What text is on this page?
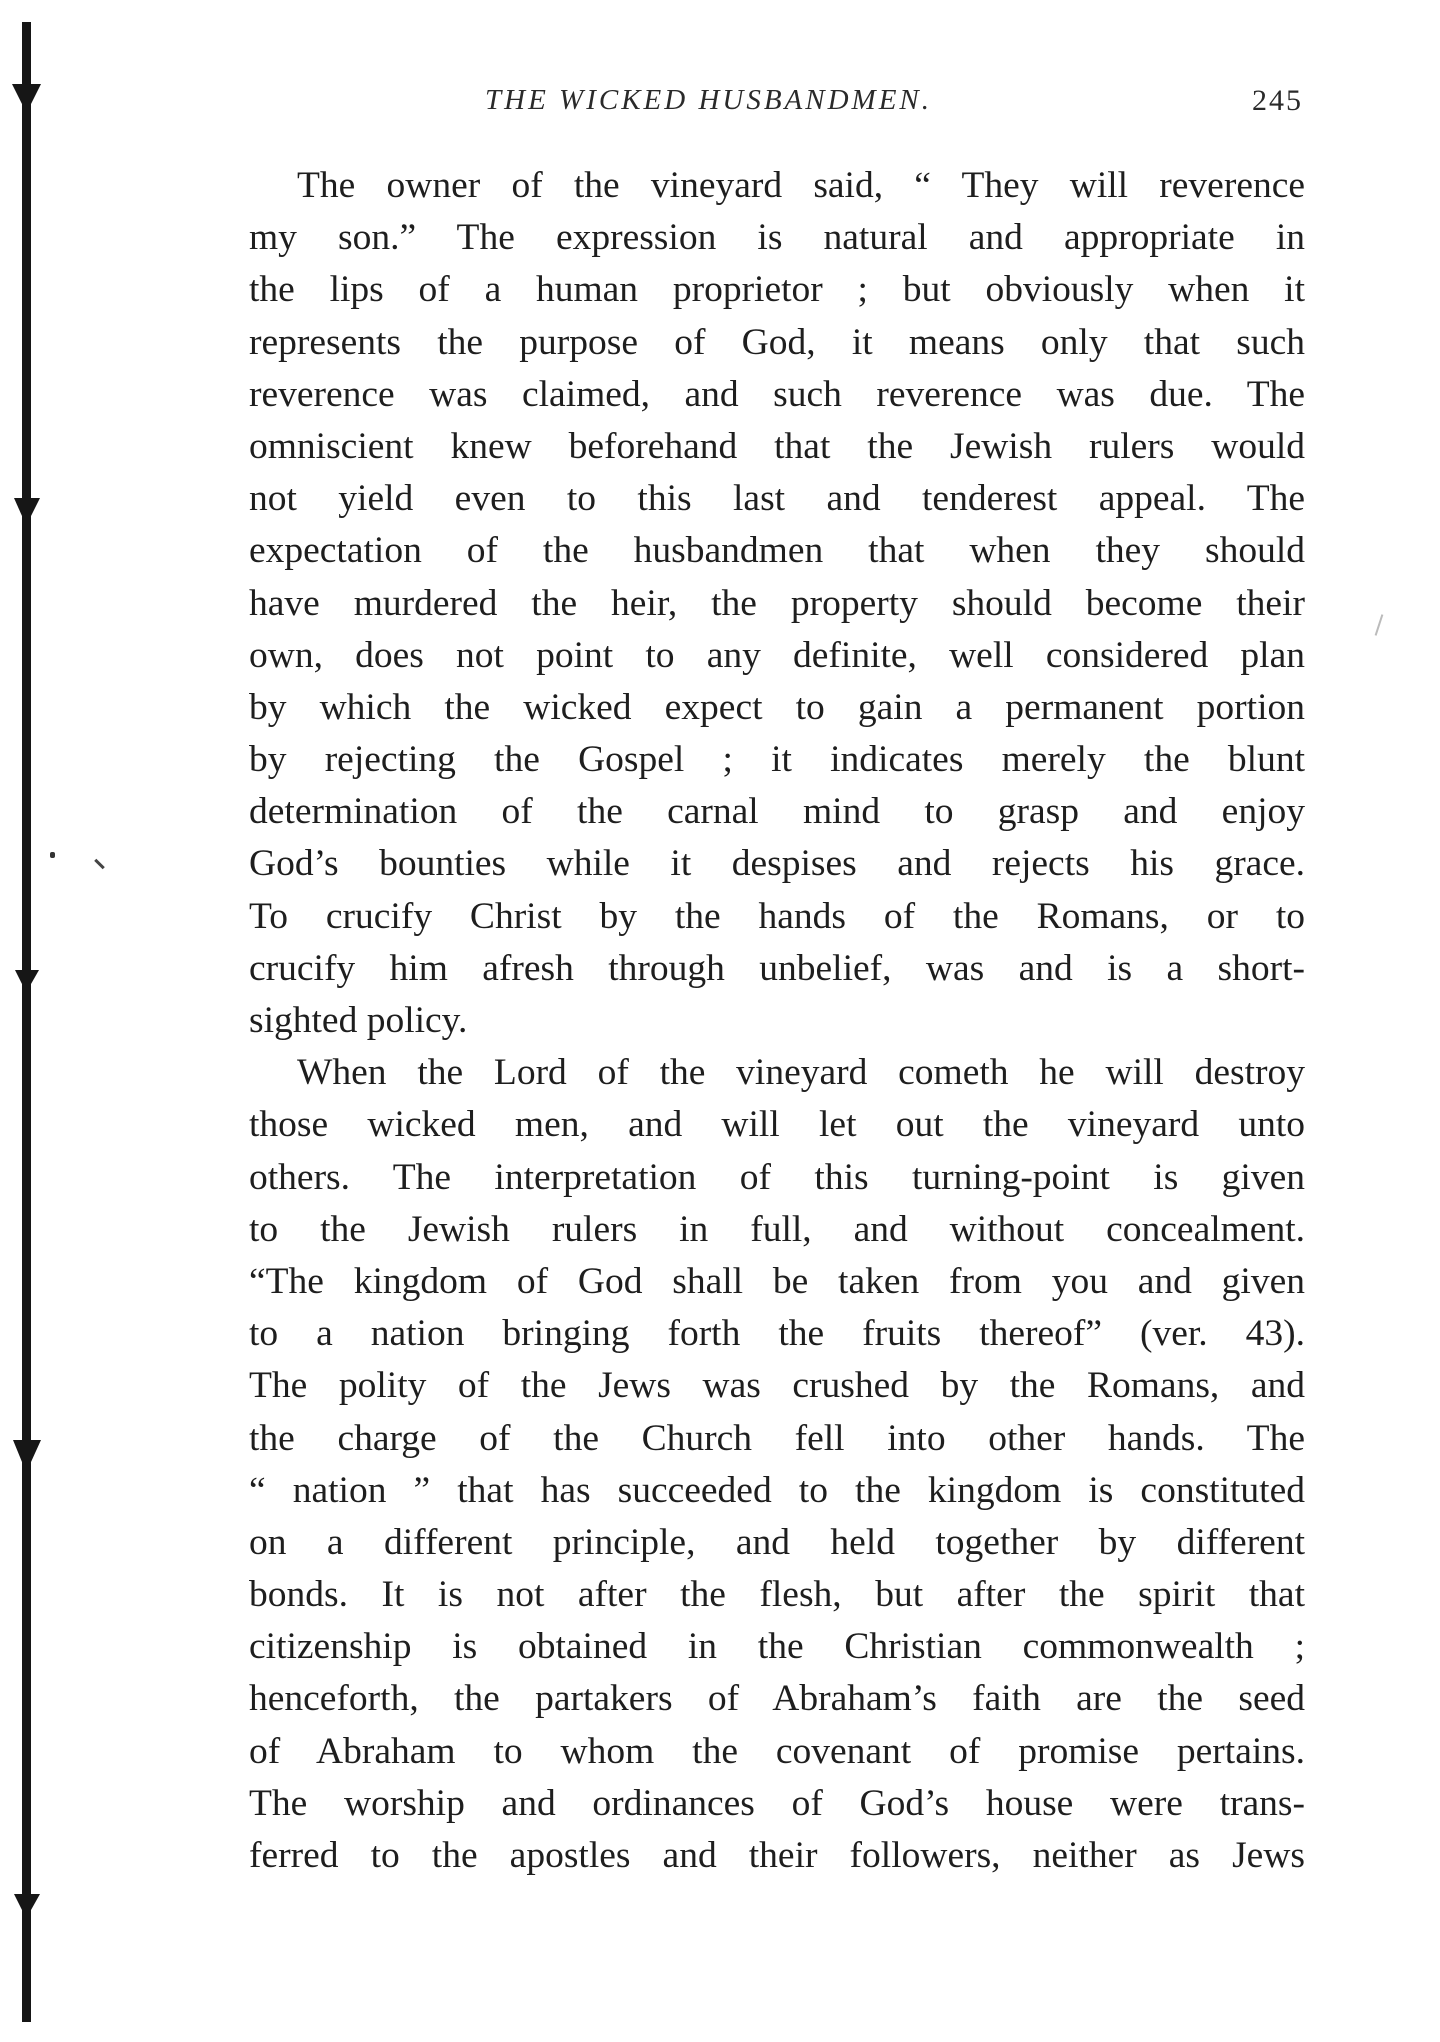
THE WICKED HUSBANDMEN.	245
The owner of the vineyard said, “ They will reverence
my son.” The expression is natural and appropriate in
the lips of a human proprietor ; but obviously when it
represents the purpose of God, it means only that such
reverence was claimed, and such reverence was due. The
omniscient knew beforehand that the Jewish rulers would
not yield even to this last and tenderest appeal. The
expectation of the husbandmen that when they should
have murdered the heir, the property should become their
own, does not point to any definite, well considered plan
by which the wicked expect to gain a permanent portion
by rejecting the Gospel ; it indicates merely the blunt
determination of the carnal mind to grasp and enjoy
God’s bounties while it despises and rejects his grace.
To crucify Christ by the hands of the Romans, or to
crucify him afresh through unbelief, was and is a short-
sighted policy.
When the Lord of the vineyard cometh he will destroy
those wicked men, and will let out the vineyard unto
others. The interpretation of this turning-point is given
to the Jewish rulers in full, and without concealment.
“The kingdom of God shall be taken from you and given
to a nation bringing forth the fruits thereof” (ver. 43).
The polity of the Jews was crushed by the Romans, and
the charge of the Church fell into other hands. The
“ nation ” that has succeeded to the kingdom is constituted
on a different principle, and held together by different
bonds. It is not after the flesh, but after the spirit that
citizenship is obtained in the Christian commonwealth ;
henceforth, the partakers of Abraham’s faith are the seed
of Abraham to whom the covenant of promise pertains.
The worship and ordinances of God’s house were trans-
ferred to the apostles and their followers, neither as Jews
